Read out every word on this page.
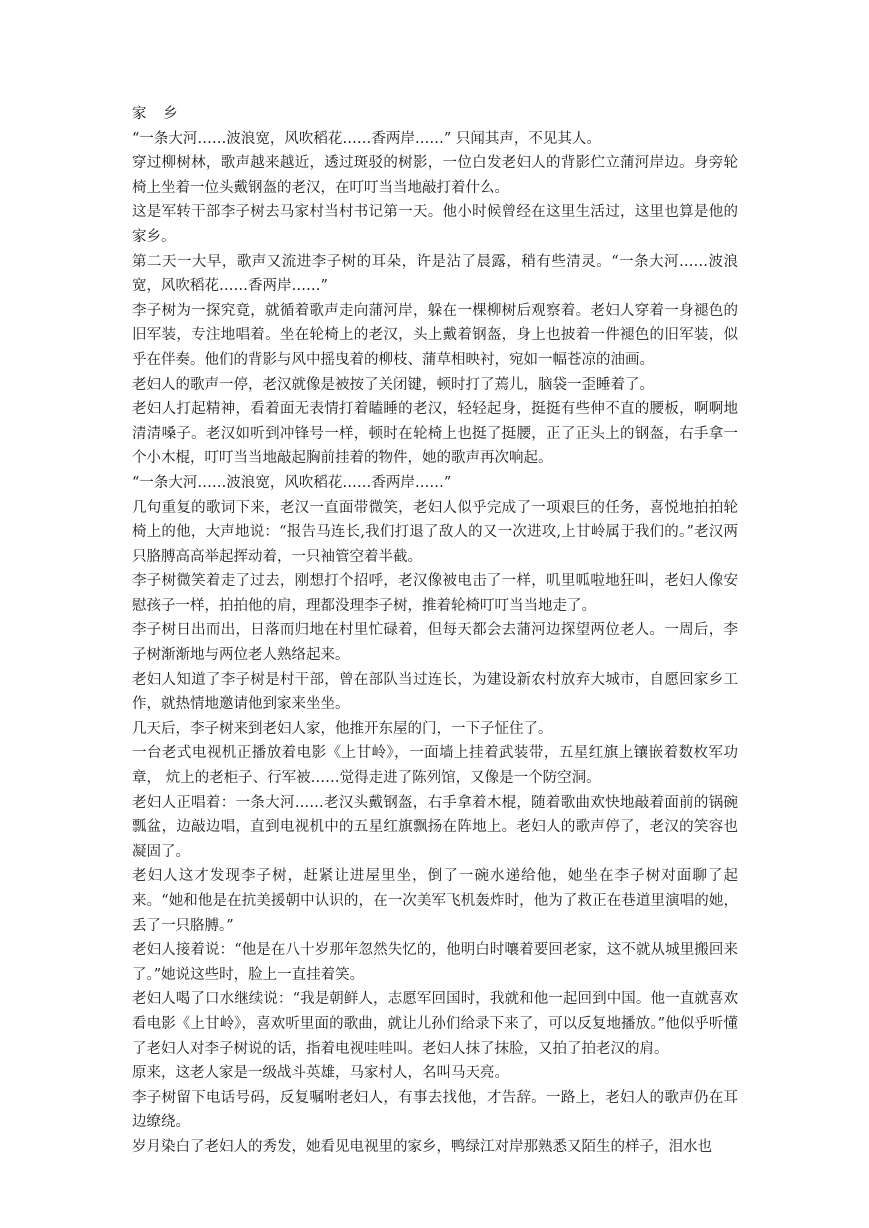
家 乡

“一条大河……波浪宽，风吹稻花……香两岸……” 只闻其声，不见其人。

穿过柳树林，歌声越来越近，透过斑驳的树影，一位白发老妇人的背影伫立蒲河岸边。身旁轮椅上坐着一位头戴钢盔的老汉，在叮叮当当地敲打着什么。

这是军转干部李子树去马家村当村书记第一天。他小时候曾经在这里生活过，这里也算是他的家乡。

第二天一大早，歌声又流进李子树的耳朵，许是沾了晨露，稍有些清灵。“一条大河……波浪宽，风吹稻花……香两岸……”

李子树为一探究竟，就循着歌声走向蒲河岸，躲在一棵柳树后观察着。老妇人穿着一身褪色的旧军装，专注地唱着。坐在轮椅上的老汉，头上戴着钢盔，身上也披着一件褪色的旧军装，似乎在伴奏。他们的背影与风中摇曳着的柳枝、蒲草相映衬，宛如一幅苍凉的油画。

老妇人的歌声一停，老汉就像是被按了关闭键，顿时打了蔫儿，脑袋一歪睡着了。

老妇人打起精神，看着面无表情打着瞌睡的老汉，轻轻起身，挺挺有些伸不直的腰板，啊啊地清清嗓子。老汉如听到冲锋号一样，顿时在轮椅上也挺了挺腰，正了正头上的钢盔，右手拿一个小木棍，叮叮当当地敲起胸前挂着的物件，她的歌声再次响起。

“一条大河……波浪宽，风吹稻花……香两岸……”

几句重复的歌词下来，老汉一直面带微笑，老妇人似乎完成了一项艰巨的任务，喜悦地拍拍轮椅上的他，大声地说：“报告马连长,我们打退了敌人的又一次进攻,上甘岭属于我们的。”老汉两只胳膊高高举起挥动着，一只袖管空着半截。

李子树微笑着走了过去，刚想打个招呼，老汉像被电击了一样，叽里呱啦地狂叫，老妇人像安慰孩子一样，拍拍他的肩，理都没理李子树，推着轮椅叮叮当当地走了。

李子树日出而出，日落而归地在村里忙碌着，但每天都会去蒲河边探望两位老人。一周后，李子树渐渐地与两位老人熟络起来。

老妇人知道了李子树是村干部，曾在部队当过连长，为建设新农村放弃大城市，自愿回家乡工作，就热情地邀请他到家来坐坐。

几天后，李子树来到老妇人家，他推开东屋的门，一下子怔住了。

一台老式电视机正播放着电影《上甘岭》，一面墙上挂着武装带，五星红旗上镶嵌着数枚军功章， 炕上的老柜子、行军被……觉得走进了陈列馆，又像是一个防空洞。

老妇人正唱着：一条大河……老汉头戴钢盔，右手拿着木棍，随着歌曲欢快地敲着面前的锅碗瓢盆，边敲边唱，直到电视机中的五星红旗飘扬在阵地上。老妇人的歌声停了，老汉的笑容也凝固了。

老妇人这才发现李子树，赶紧让进屋里坐，倒了一碗水递给他，她坐在李子树对面聊了起来。“她和他是在抗美援朝中认识的，在一次美军飞机轰炸时，他为了救正在巷道里演唱的她，丢了一只胳膊。”

老妇人接着说：“他是在八十岁那年忽然失忆的，他明白时嚷着要回老家，这不就从城里搬回来了。”她说这些时，脸上一直挂着笑。

老妇人喝了口水继续说：“我是朝鲜人，志愿军回国时，我就和他一起回到中国。他一直就喜欢看电影《上甘岭》，喜欢听里面的歌曲，就让儿孙们给录下来了，可以反复地播放。”他似乎听懂了老妇人对李子树说的话，指着电视哇哇叫。老妇人抹了抹脸，又拍了拍老汉的肩。

原来，这老人家是一级战斗英雄，马家村人，名叫马天亮。

李子树留下电话号码，反复嘱咐老妇人，有事去找他，才告辞。一路上，老妇人的歌声仍在耳边缭绕。

岁月染白了老妇人的秀发，她看见电视里的家乡，鸭绿江对岸那熟悉又陌生的样子，泪水也
